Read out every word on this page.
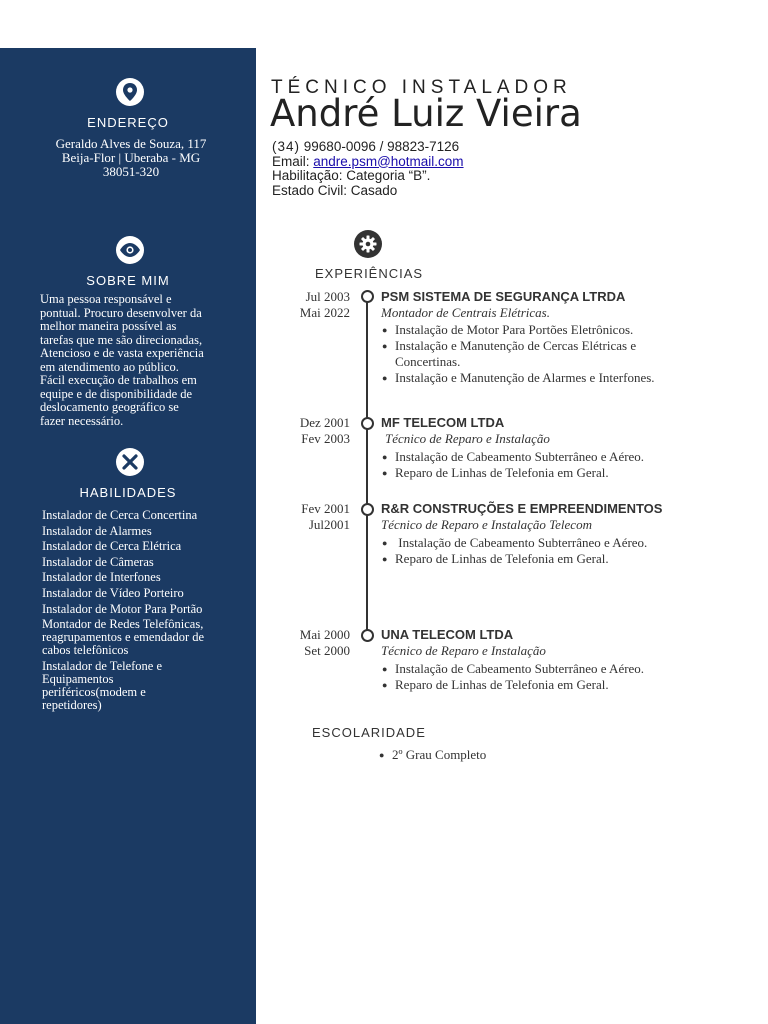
ENDEREÇO
Geraldo Alves de Souza, 117
Beija-Flor | Uberaba - MG
38051-320
SOBRE MIM
Uma pessoa responsável e
pontual. Procuro desenvolver da
melhor maneira possível as
tarefas que me são direcionadas,
Atencioso e de vasta experiência
em atendimento ao público.
Fácil execução de trabalhos em
equipe e de disponibilidade de
deslocamento geográfico se
fazer necessário.
HABILIDADES
Instalador de Cerca Concertina
Instalador de Alarmes
Instalador de Cerca Elétrica
Instalador de Câmeras
Instalador de Interfones
Instalador de Vídeo Porteiro
Instalador de Motor Para Portão
Montador de Redes Telefônicas,
reagrupamentos e emendador de
cabos telefônicos
Instalador de Telefone e
Equipamentos
periféricos(modem e
repetidores)
TÉCNICO INSTALADOR
André Luiz Vieira
(34) 99680-0096 / 98823-7126
Email: andre.psm@hotmail.com
Habilitação: Categoria “B”.
Estado Civil: Casado
EXPERIÊNCIAS
Jul 2003
Mai 2022
PSM SISTEMA DE SEGURANÇA LTRDA
Montador de Centrais Elétricas.
● Instalação de Motor Para Portões Eletrônicos.
● Instalação e Manutenção de Cercas Elétricas e
Concertinas.
● Instalação e Manutenção de Alarmes e Interfones.
Dez 2001
Fev 2003
MF TELECOM LTDA
Técnico de Reparo e Instalação
● Instalação de Cabeamento Subterrâneo e Aéreo.
● Reparo de Linhas de Telefonia em Geral.
Fev 2001
Jul2001
R&R CONSTRUÇÕES E EMPREENDIMENTOS
Técnico de Reparo e Instalação Telecom
●  Instalação de Cabeamento Subterrâneo e Aéreo.
● Reparo de Linhas de Telefonia em Geral.
Mai 2000
Set 2000
UNA TELECOM LTDA
Técnico de Reparo e Instalação
● Instalação de Cabeamento Subterrâneo e Aéreo.
● Reparo de Linhas de Telefonia em Geral.
ESCOLARIDADE
● 2º Grau Completo
